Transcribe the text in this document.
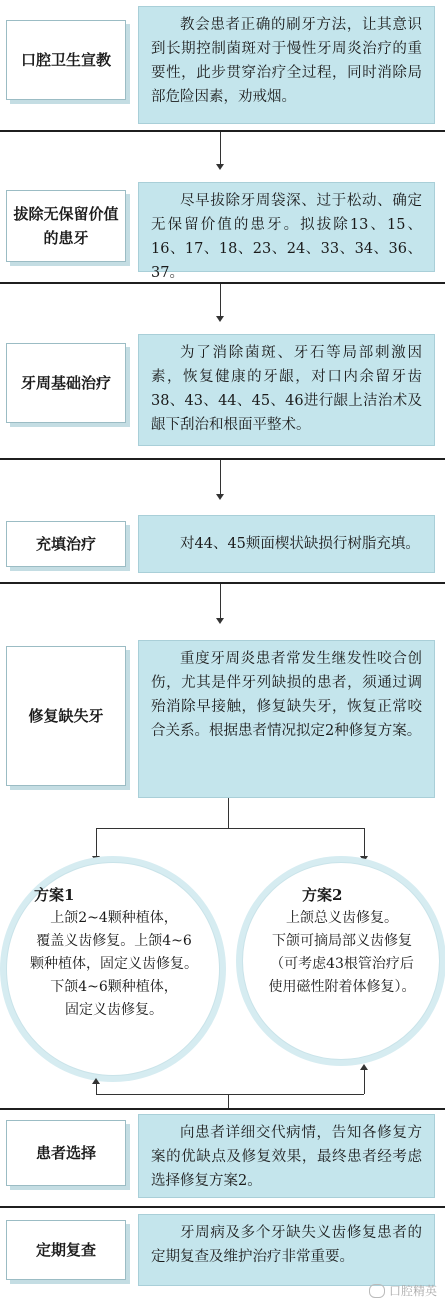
口腔卫生宣教
教会患者正确的刷牙方法，让其意识到长期控制菌斑对于慢性牙周炎治疗的重要性，此步贯穿治疗全过程，同时消除局部危险因素，劝戒烟。
拔除无保留价值的患牙
尽早拔除牙周袋深、过于松动、确定无保留价值的患牙。拟拔除13、15、16、17、18、23、24、33、34、36、37。
牙周基础治疗
为了消除菌斑、牙石等局部刺激因素，恢复健康的牙龈，对口内余留牙齿38、43、44、45、46进行龈上洁治术及龈下刮治和根面平整术。
充填治疗	对44、45颊面楔状缺损行树脂充填。
修复缺失牙
重度牙周炎患者常发生继发性咬合创伤，尤其是伴牙列缺损的患者，须通过调殆消除早接触，修复缺失牙，恢复正常咬合关系。根据患者情况拟定2种修复方案。
方案1
上颌2~4颗种植体，
覆盖义齿修复。上颌4~6
颗种植体，固定义齿修复。
下颌4~6颗种植体，
固定义齿修复。
方案2
上颌总义齿修复。
下颌可摘局部义齿修复
（可考虑43根管治疗后
使用磁性附着体修复）。
患者选择
向患者详细交代病情，告知各修复方案的优缺点及修复效果，最终患者经考虑选择修复方案2。
定期复查
牙周病及多个牙缺失义齿修复患者的定期复查及维护治疗非常重要。
口腔精英
